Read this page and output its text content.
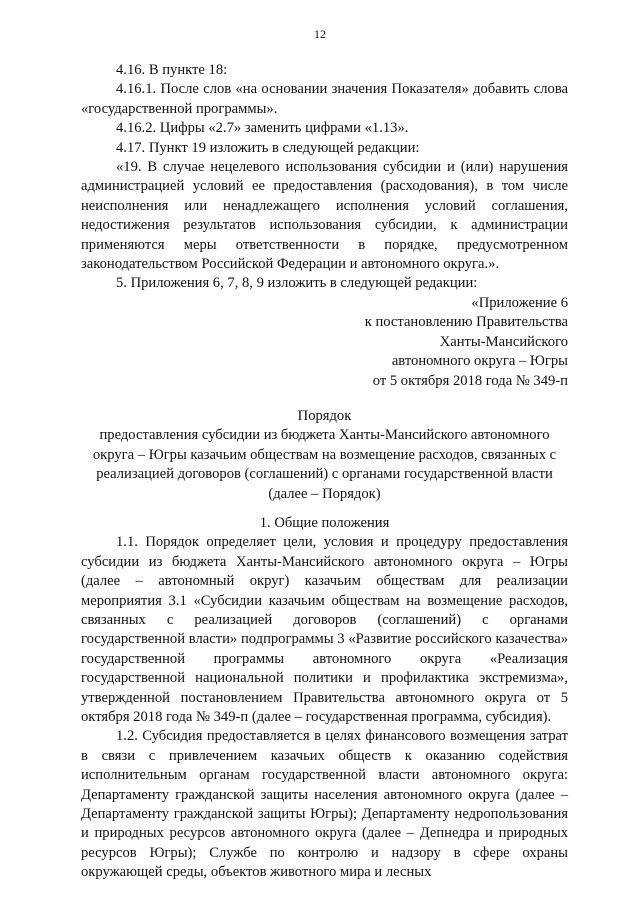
12

4.16. В пункте 18:

4.16.1. После слов «на основании значения Показателя» добавить слова «государственной программы».

4.16.2. Цифры «2.7» заменить цифрами «1.13».

4.17. Пункт 19 изложить в следующей редакции:

«19. В случае нецелевого использования субсидии и (или) нарушения администрацией условий ее предоставления (расходования), в том числе неисполнения или ненадлежащего исполнения условий соглашения, недостижения результатов использования субсидии, к администрации применяются меры ответственности в порядке, предусмотренном законодательством Российской Федерации и автономного округа.».

5. Приложения 6, 7, 8, 9 изложить в следующей редакции:

«Приложение 6

к постановлению Правительства

Ханты-Мансийского

автономного округа – Югры

от 5 октября 2018 года № 349-п

Порядок

предоставления субсидии из бюджета Ханты-Мансийского автономного округа – Югры казачьим обществам на возмещение расходов, связанных с реализацией договоров (соглашений) с органами государственной власти

(далее – Порядок)

1. Общие положения

1.1. Порядок определяет цели, условия и процедуру предоставления субсидии из бюджета Ханты-Мансийского автономного округа – Югры (далее – автономный округ) казачьим обществам для реализации мероприятия 3.1 «Субсидии казачьим обществам на возмещение расходов, связанных с реализацией договоров (соглашений) с органами государственной власти» подпрограммы 3 «Развитие российского казачества» государственной программы автономного округа «Реализация государственной национальной политики и профилактика экстремизма», утвержденной постановлением Правительства автономного округа от 5 октября 2018 года № 349-п (далее – государственная программа, субсидия).

1.2. Субсидия предоставляется в целях финансового возмещения затрат в связи с привлечением казачьих обществ к оказанию содействия исполнительным органам государственной власти автономного округа: Департаменту гражданской защиты населения автономного округа (далее – Департаменту гражданской защиты Югры); Департаменту недропользования и природных ресурсов автономного округа (далее – Депнедра и природных ресурсов Югры); Службе по контролю и надзору в сфере охраны окружающей среды, объектов животного мира и лесных
